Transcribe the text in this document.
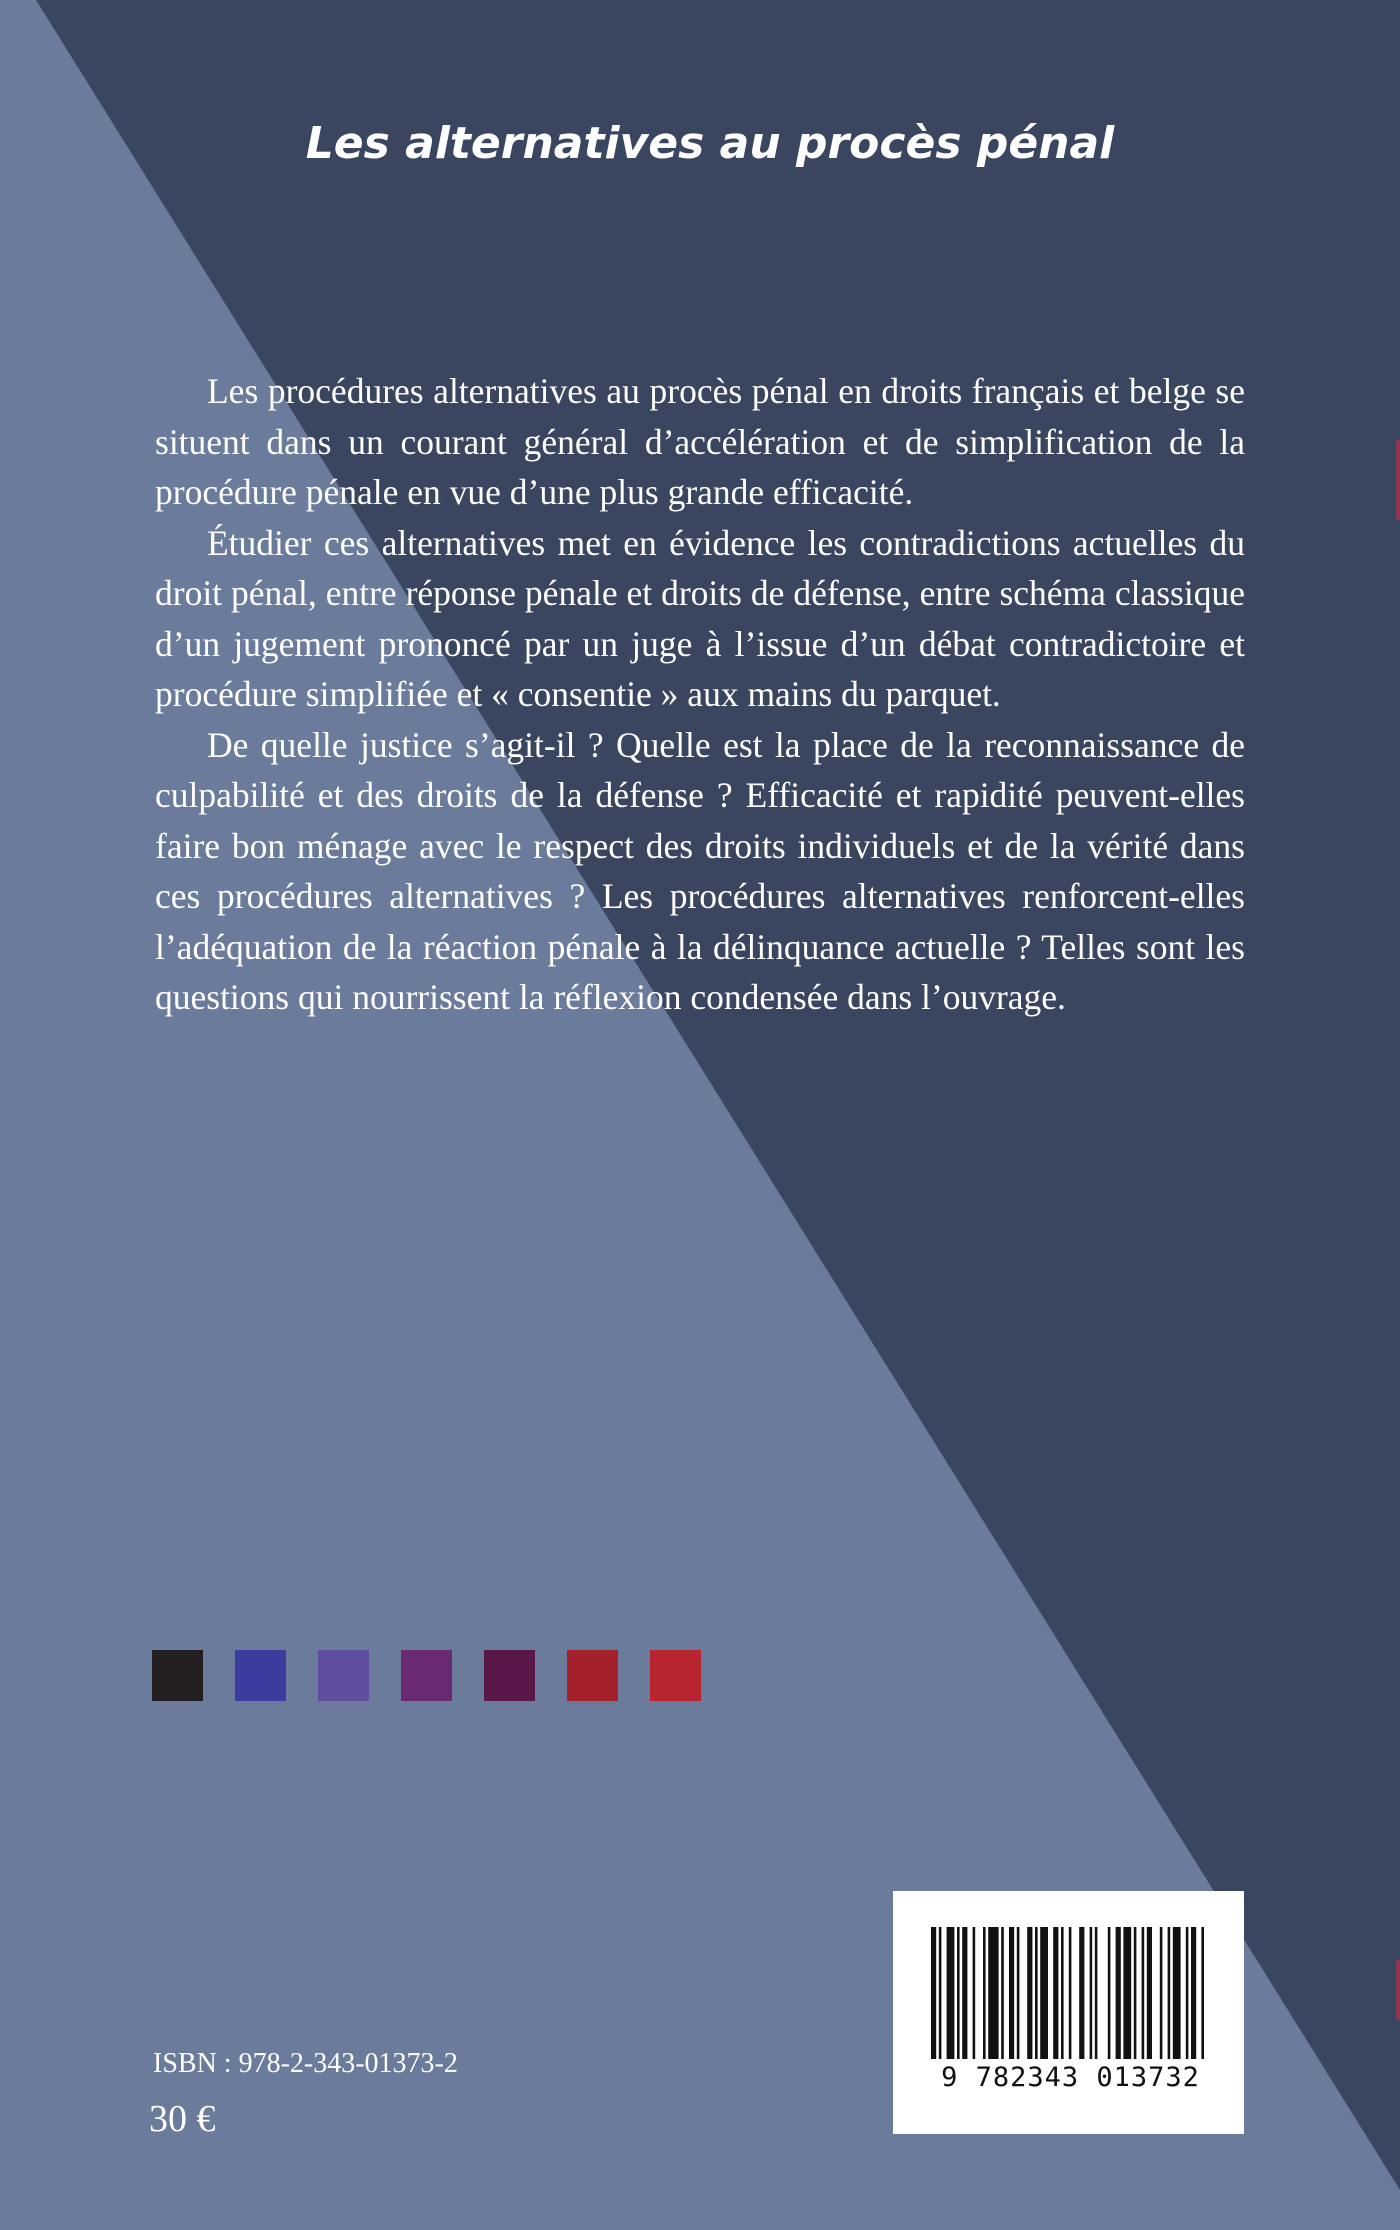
Les alternatives au procès pénal

Les procédures alternatives au procès pénal en droits français et belge se situent dans un courant général d’accélération et de simplification de la procédure pénale en vue d’une plus grande efficacité.

Étudier ces alternatives met en évidence les contradictions actuelles du droit pénal, entre réponse pénale et droits de défense, entre schéma classique d’un jugement prononcé par un juge à l’issue d’un débat contradictoire et procédure simplifiée et « consentie » aux mains du parquet.

De quelle justice s’agit-il ? Quelle est la place de la reconnaissance de culpabilité et des droits de la défense ? Efficacité et rapidité peuvent-elles faire bon ménage avec le respect des droits individuels et de la vérité dans ces procédures alternatives ? Les procédures alternatives renforcent-elles l’adéquation de la réaction pénale à la délinquance actuelle ? Telles sont les questions qui nourrissent la réflexion condensée dans l’ouvrage.

ISBN : 978-2-343-01373-2
30 €
9 782343 013732
